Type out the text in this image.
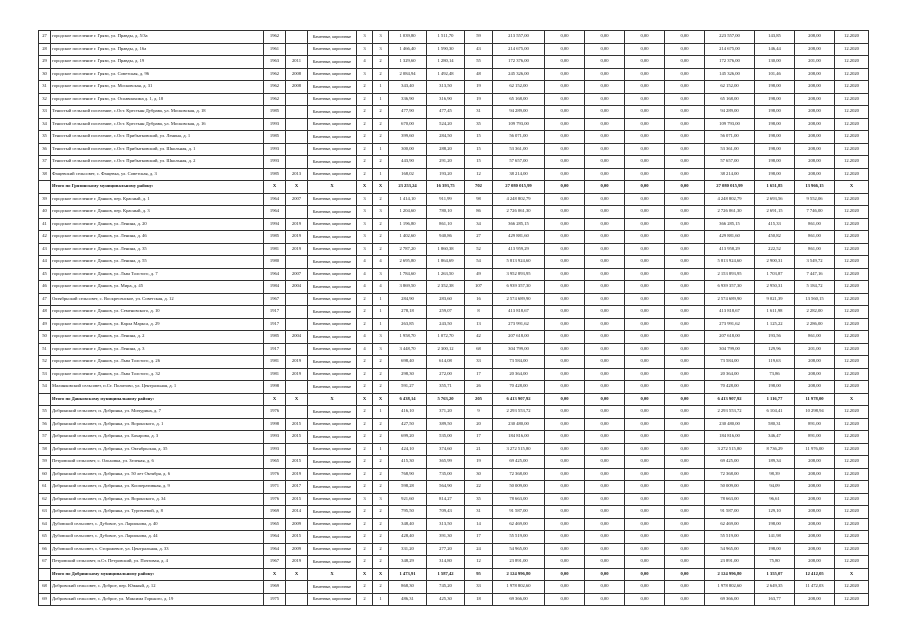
27	городское поселение г. Грязи, ул. Правды, д. 5/3а	1962		Каменные, кирпичные	3	3	1 039,80	1 511,70	59	213 557,00	0,00	0,00	0,00	0,00	223 557,00	143,85	208,00	12.2020
28	городское поселение г. Грязи, ул. Правды, д. 16а	1961		Каменные, кирпичные	3	3	1 466,40	1 590,30	43	214 675,00	0,00	0,00	0,00	0,00	214 675,00	146,44	208,00	12.2020
29	городское поселение г. Грязи, ул. Правды, д. 19	1963	2011	Каменные, кирпичные	4	2	1 329,60	1 280,14	55	172 376,00	0,00	0,00	0,00	0,00	172 376,00	130,00	201,00	12.2020
30	городское поселение г. Грязи, ул. Советская, д. 96	1962	2008	Каменные, кирпичные	3	2	2 084,94	1 492,48	48	245 326,00	0,00	0,00	0,00	0,00	145 326,00	101,46	208,00	12.2020
31	городское поселение г. Грязи, ул. Московская, д. 31	1962	2008	Каменные, кирпичные	2	1	343,40	313,50	19	62 152,00	0,00	0,00	0,00	0,00	62 152,00	198,00	208,00	12.2020
32	городское поселение г. Грязи, ул. Осоавиахима д. 1, д. 18	1962		Каменные, кирпичные	2	1	336,90	316,90	19	65 168,00	0,00	0,00	0,00	0,00	65 168,00	198,00	208,00	12.2020
33	Тенистый сельский поселение, с.Ост. Крестьян Дубрава, ул. Московская, д. 18	1985		Каменные, кирпичные	2	2	477,90	477,45	31	94 289,00	0,00	0,00	0,00	0,00	94 289,00	198,00	208,00	12.2020
34	Тенистый сельский поселение, с.Ост. Крестьян Дубрава, ул. Московская, д. 16	1993		Каменные, кирпичные	2	2	670,00	524,20	35	109 793,00	0,00	0,00	0,00	0,00	109 793,00	198,00	208,00	12.2020
35	Тенистый сельский поселение, с.Ост. Прибытковский, ул. Ленина, д. 1	1985		Каменные, кирпичные	2	2	399,60	284,50	15	56 071,00	0,00	0,00	0,00	0,00	56 071,00	198,00	208,00	12.2020
36	Тенистый сельский поселение, с.Ост. Прибытковский, ул. Школьная, д. 1	1993		Каменные, кирпичные	2	1	300,00	288,20	15	53 361,00	0,00	0,00	0,00	0,00	53 361,00	198,00	208,00	12.2020
37	Тенистый сельский поселение, с.Ост. Прибытковский, ул. Школьная, д. 2	1993		Каменные, кирпичные	2	2	443,90	291,20	15	57 657,00	0,00	0,00	0,00	0,00	57 657,00	198,00	208,00	12.2020
38	Фащевский сельсовет, с. Фащевка, ул. Советская, д. 3	1985	2013	Каменные, кирпичные	2	1	168,02	193,20	12	38 214,00	0,00	0,00	0,00	0,00	38 214,00	198,00	208,00	12.2020
	Итого по Грязинскому муниципальному району:	Х	Х	Х	Х	Х	23 253,24	16 393,75	702	27 080 015,99	0,00	0,00	0,00	0,00	27 080 015,99	1 651,85	13 966,15	Х
39	городское поселение г. Данков, пер. Красный, д. 1	1964	2007	Каменные, кирпичные	3	2	1 414,10	911,99	98	4 248 802,79	0,00	0,00	0,00	0,00	4 248 802,79	2 693,56	9 552,06	12.2020
40	городское поселение г. Данков, пер. Красный, д. 3	1964		Каменные, кирпичные	3	3	1 204,60	780,10	86	2 726 061,30	0,00	0,00	0,00	0,00	2 726 061,30	2 691,15	7 746,00	12.2020
41	городское поселение г. Данков, ул. Ленина, д. 20	1994	2019	Каменные, кирпичные	3	2	1 196,80	861,10	34	366 285,15	0,00	0,00	0,00	0,00	366 285,15	415,33	861,00	12.2020
42	городское поселение г. Данков, ул. Ленина, д. 46	1985	2019	Каменные, кирпичные	3	2	1 402,60	940,86	27	429 881,60	0,00	0,00	0,00	0,00	429 881,60	450,82	861,00	12.2020
43	городское поселение г. Данков, ул. Ленина, д. 35	1981	2019	Каменные, кирпичные	3	2	2 787,20	1 860,38	52	413 959,29	0,00	0,00	0,00	0,00	413 958,29	222,52	861,00	12.2020
44	городское поселение г. Данков, ул. Ленина, д. 55	1980		Каменные, кирпичные	4	4	2 695,80	1 864,69	54	5 813 924,60	0,00	0,00	0,00	0,00	5 813 924,60	2 900,31	3 549,72	12.2020
45	городское поселение г. Данков, ул. Льва Толстого, д. 7	1964	2007	Каменные, кирпичные	4	3	1 784,60	1 263,50	49	3 952 893,95	0,00	0,00	0,00	0,00	2 153 893,95	1 703,87	7 447,16	12.2020
46	городское поселение г. Данков, ул. Мира, д. 45	1984	2004	Каменные, кирпичные	4	4	3 869,50	2 352,38	107	6 939 357,30	0,00	0,00	0,00	0,00	6 939 357,30	2 950,31	5 184,72	12.2020
47	Октябрьский сельсовет, с. Воскресенское, ул. Советская, д. 12	1967		Каменные, кирпичные	2	1	284,90	283,60	16	2 574 689,90	0,00	0,00	0,00	0,00	2 574 689,90	9 021,39	13 560,15	12.2020
48	городское поселение г. Данков, ул. Семеновского, д. 10	1917		Каменные, кирпичные	2	1	278,18	259,07	8	413 818,67	0,00	0,00	0,00	0,00	413 818,67	1 611,98	2 282,00	12.2020
49	городское поселение г. Данков, ул. Карла Маркса, д. 29	1917		Каменные, кирпичные	2	1	263,85	243,50	13	273 991,62	0,00	0,00	0,00	0,00	273 991,62	1 125,22	2 286,00	12.2020
50	городское поселение г. Данков, ул. Ленина, д. 2	1985	2004	Каменные, кирпичные	4	3	1 958,70	1 072,70	42	207 618,00	0,00	0,00	0,00	0,00	207 618,00	193,56	861,00	12.2020
51	городское поселение г. Данков, ул. Ленина, д. 3	1917		Каменные, кирпичные	4	3	3 448,70	2 300,12	68	304 799,00	0,00	0,00	0,00	0,00	304 799,00	129,96	201,00	12.2020
52	городское поселение г. Данков, ул. Льва Толстого, д. 26	1981	2019	Каменные, кирпичные	2	2	698,40	614,08	33	73 584,00	0,00	0,00	0,00	0,00	73 584,00	119,63	208,00	12.2020
53	городское поселение г. Данков, ул. Льва Толстого, д. 32	1981	2019	Каменные, кирпичные	2	2	298,30	272,00	17	20 364,00	0,00	0,00	0,00	0,00	20 364,00	73,86	208,00	12.2020
54	Малинковский сельсовет, п.Ст. Политово, ул. Центральная, д. 1	1998		Каменные, кирпичные	2	2	591,27	355,71	26	70 428,00	0,00	0,00	0,00	0,00	70 428,00	198,00	208,00	12.2020
	Итого по Данковскому муниципальному району:	Х	Х	Х	Х	Х	6 438,14	5 763,20	205	6 413 907,92	0,00	0,00	0,00	0,00	6 413 907,92	1 116,77	11 978,00	Х
55	Добринский сельсовет, п. Добринка, ул. Мичурина, д. 7	1976		Каменные, кирпичные	2	1	416,10	371,20	9	2 293 553,72	0,00	0,00	0,00	0,00	2 293 553,72	6 104,41	10 298,94	12.2020
56	Добринский сельсовет, п. Добринка, ул. Воронского, д. 1	1998	2015	Каменные, кирпичные	2	2	427,50	389,50	20	230 480,00	0,00	0,00	0,00	0,00	230 480,00	580,31	891,00	12.2020
57	Добринский сельсовет, п. Добринка, ул. Бахарова, д. 3	1993	2015	Каменные, кирпичные	2	2	699,20	535,00	17	184 816,00	0,00	0,00	0,00	0,00	184 816,00	346,47	891,00	12.2020
58	Добринский сельсовет, п. Добринка, ул. Октябрьская, д. 35	1993		Каменные, кирпичные	2	1	424,10	374,60	21	3 272 515,80	0,00	0,00	0,00	0,00	3 272 515,80	8 736,29	11 976,00	12.2020
59	Петровский сельсовет, с. Ольховка, ул. Зеленая, д. 6	1965	2015	Каменные, кирпичные	2	2	415,30	365,99	19	69 425,00	0,00	0,00	0,00	0,00	69 425,00	189,34	208,00	12.2020
60	Добринский сельсовет, п. Добринка, ул. 50 лет Октября, д. 6	1976	2019	Каменные, кирпичные	2	2	768,90	735,00	30	72 368,00	0,00	0,00	0,00	0,00	72 368,00	98,39	208,00	12.2020
61	Добринский сельсовет, п. Добринка, ул. Кооперативная, д. 9	1971	2017	Каменные, кирпичные	2	2	598,28	564,90	22	50 009,00	0,00	0,00	0,00	0,00	50 009,00	94,09	208,00	12.2020
62	Добринский сельсовет, п. Добринка, ул. Воронского, д. 34	1976	2015	Каменные, кирпичные	3	3	921,60	814,27	35	78 663,00	0,00	0,00	0,00	0,00	78 663,00	96,61	208,00	12.2020
63	Добринский сельсовет, п. Добринка, ул. Тургеневой, д. 8	1969	2014	Каменные, кирпичные	2	2	795,50	709,43	31	91 587,00	0,00	0,00	0,00	0,00	91 587,00	129,10	208,00	12.2020
64	Дубовской сельсовет, с. Дубовое, ул. Ларионова, д. 40	1965	2009	Каменные, кирпичные	2	2	348,40	313,50	14	62 469,00	0,00	0,00	0,00	0,00	62 469,00	198,00	208,00	12.2020
65	Дубовской сельсовет, с. Дубовое, ул. Ларионова, д. 44	1964	2015	Каменные, кирпичные	2	2	428,40	391,30	17	55 519,00	0,00	0,00	0,00	0,00	55 519,00	141,98	208,00	12.2020
66	Дубовской сельсовет, с. Сторожевое, ул. Центральная, д. 33	1964	2009	Каменные, кирпичные	2	2	331,20	277,20	24	54 965,00	0,00	0,00	0,00	0,00	54 965,00	198,00	208,00	12.2020
67	Петровский сельсовет, п.Ст. Петровский, ул. Почтовая, д. 4	1967	2019	Каменные, кирпичные	2	2	348,29	314,80	12	23 891,00	0,00	0,00	0,00	0,00	23 891,00	75,80	208,00	12.2020
	Итого по Добринскому муниципальному району:	Х	Х	Х	Х	Х	1 473,91	1 587,42	95	2 124 996,80	0,00	0,00	0,00	0,00	2 124 996,80	1 355,07	12 412,05	Х
68	Добровский сельсовет, с. Доброе, пер. Южный, д. 12	1969		Каменные, кирпичные	2	2	868,30	745,20	33	1 978 802,60	0,00	0,00	0,00	0,00	1 978 802,60	2 649,35	11 472,03	12.2020
69	Добровский сельсовет, с. Доброе, ул. Максима Горького, д. 19	1975		Каменные, кирпичные	2	1	486,31	425,30	18	69 366,00	0,00	0,00	0,00	0,00	69 366,00	163,77	208,00	12.2020
